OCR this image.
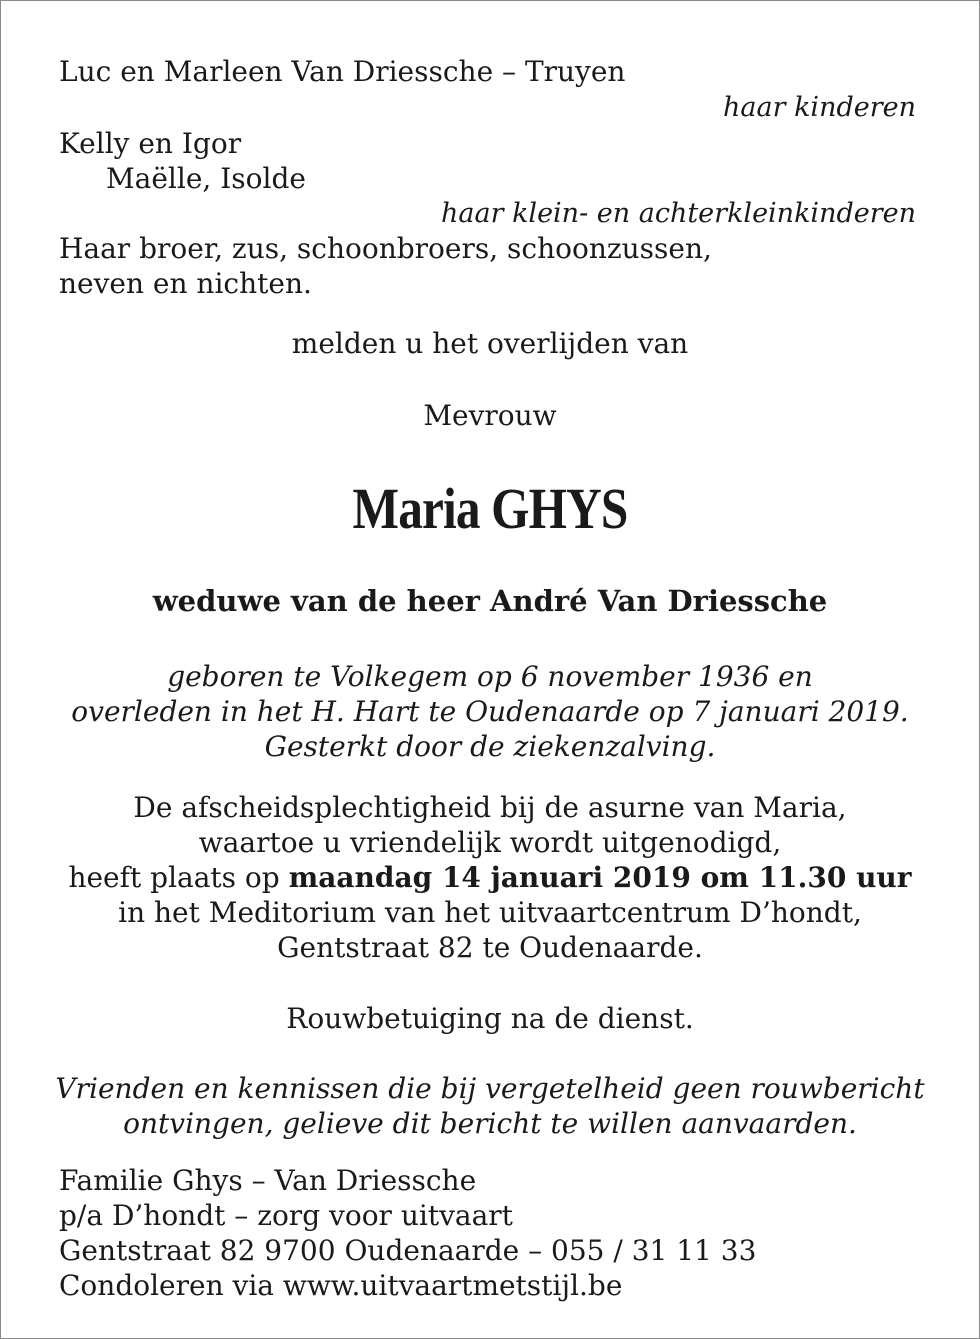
Luc en Marleen Van Driessche – Truyen
haar kinderen
Kelly en Igor
Maëlle, Isolde
haar klein- en achterkleinkinderen
Haar broer, zus, schoonbroers, schoonzussen,
neven en nichten.
melden u het overlijden van
Mevrouw
Maria GHYS
weduwe van de heer André Van Driessche
geboren te Volkegem op 6 november 1936 en
overleden in het H. Hart te Oudenaarde op 7 januari 2019.
Gesterkt door de ziekenzalving.
De afscheidsplechtigheid bij de asurne van Maria,
waartoe u vriendelijk wordt uitgenodigd,
heeft plaats op maandag 14 januari 2019 om 11.30 uur
in het Meditorium van het uitvaartcentrum D’hondt,
Gentstraat 82 te Oudenaarde.
Rouwbetuiging na de dienst.
Vrienden en kennissen die bij vergetelheid geen rouwbericht
ontvingen, gelieve dit bericht te willen aanvaarden.
Familie Ghys – Van Driessche
p/a D’hondt – zorg voor uitvaart
Gentstraat 82 9700 Oudenaarde – 055 / 31 11 33
Condoleren via www.uitvaartmetstijl.be
